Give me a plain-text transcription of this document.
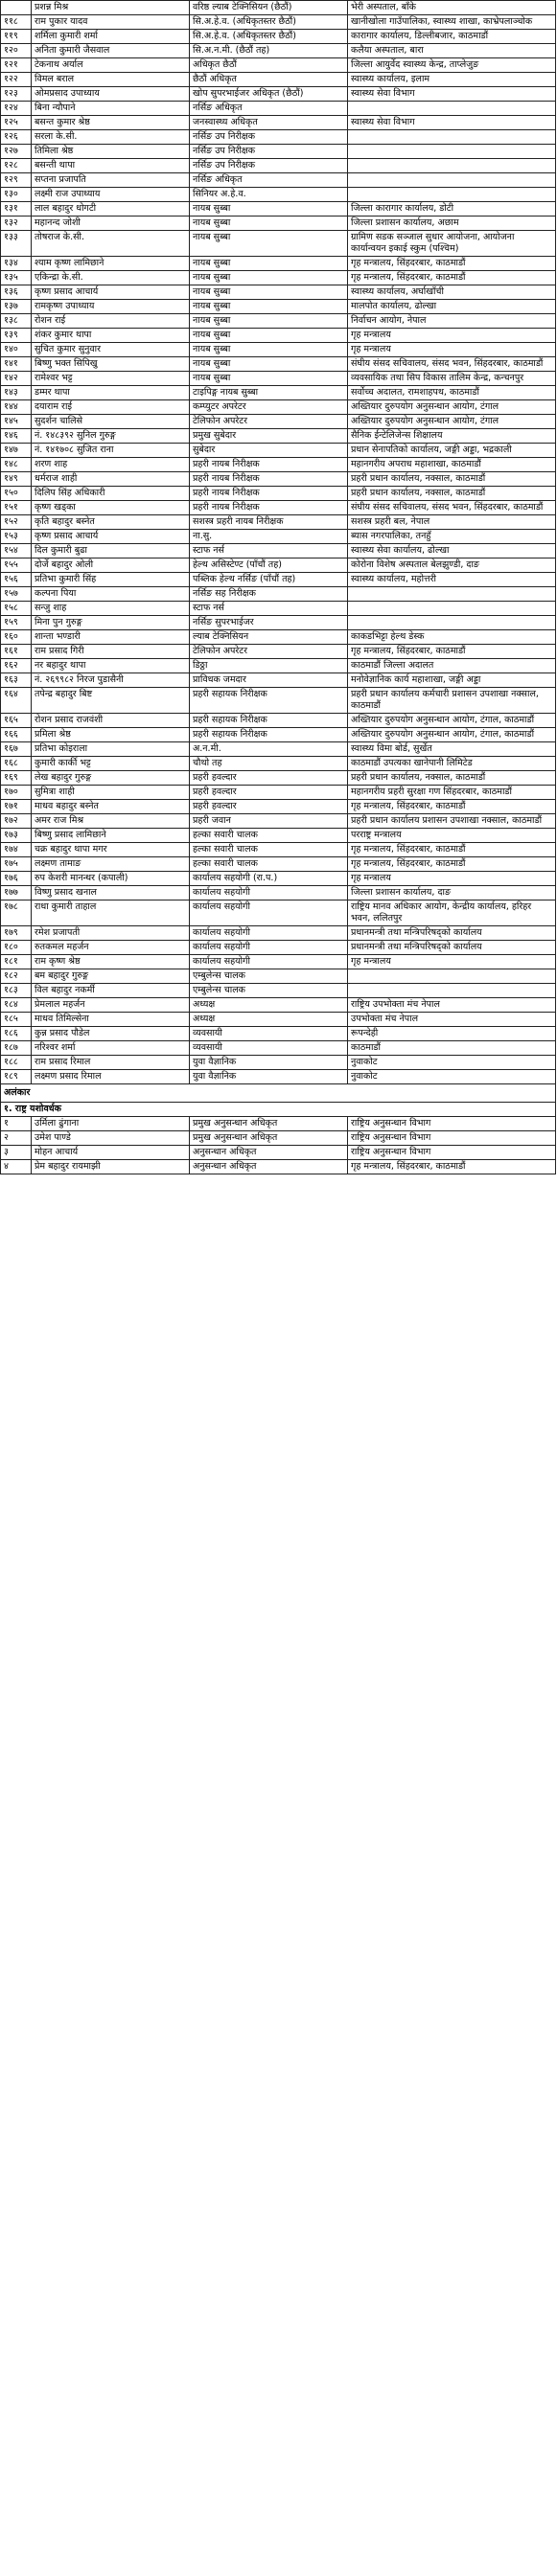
	प्रशन्न मिश्र	वरिष्ठ ल्याब टेक्निसियन (छैठौं)	भेरी अस्पताल, बाँके
११८	राम पुकार यादव	सि.अ.हे.व. (अधिकृतस्तर छैठौं)	खानीखोला गाउँपालिका, स्वास्थ्य शाखा, काभ्रेपलाञ्चोक
११९	शर्मिला कुमारी शर्मा	सि.अ.हे.व. (अधिकृतस्तर छैठौं)	कारागार कार्यालय, डिल्लीबजार, काठमाडौं
१२०	अनिता कुमारी जैसवाल	सि.अ.न.मी. (छैठौं तह)	कलैया अस्पताल, बारा
१२१	टेकनाथ अर्याल	अधिकृत छैठौं	जिल्ला आयुर्वेद स्वास्थ्य केन्द्र, ताप्लेजुङ
१२२	विमल बराल	छैठौं अधिकृत	स्वास्थ्य कार्यालय, इलाम
१२३	ओमप्रसाद उपाध्याय	खोप सुपरभाईजर अधिकृत (छैठौं)	स्वास्थ्य सेवा विभाग
१२४	बिना न्यौपाने	नर्सिङ अधिकृत	
१२५	बसन्त कुमार श्रेष्ठ	जनस्वास्थ्य अधिकृत	स्वास्थ्य सेवा विभाग
१२६	सरला के.सी.	नर्सिङ उप निरीक्षक	
१२७	तिमिला श्रेष्ठ	नर्सिङ उप निरीक्षक	
१२८	बसन्ती थापा	नर्सिङ उप निरीक्षक	
१२९	सप्तना प्रजापति	नर्सिङ अधिकृत	
१३०	लक्ष्मी राज उपाध्याय	सिनियर अ.हे.व.	
१३१	लाल बहादुर धोगटी	नायब सुब्बा	जिल्ला कारागार कार्यालय, डोटी
१३२	महानन्द जोशी	नायब सुब्बा	जिल्ला प्रशासन कार्यालय, अछाम
१३३	तोषराज के.सी.	नायब सुब्बा	ग्रामिण सडक सञ्जाल सुधार आयोजना, आयोजना कार्यान्वयन इकाई स्कुम (पश्चिम)
१३४	श्याम कृष्ण लामिछाने	नायब सुब्बा	गृह मन्त्रालय, सिंहदरबार, काठमाडौं
१३५	एकिन्द्रा के.सी.	नायब सुब्बा	गृह मन्त्रालय, सिंहदरबार, काठमाडौं
१३६	कृष्ण प्रसाद आचार्य	नायब सुब्बा	स्वास्थ्य कार्यालय, अर्घाखाँची
१३७	रामकृष्ण उपाध्याय	नायब सुब्बा	मालपोत कार्यालय, ढोल्खा
१३८	रोशन राई	नायब सुब्बा	निर्वाचन आयोग, नेपाल
१३९	शंकर कुमार थापा	नायब सुब्बा	गृह मन्त्रालय
१४०	सुचित कुमार सुनुवार	नायब सुब्बा	गृह मन्त्रालय
१४१	बिष्णु भक्त सिपिखु	नायब सुब्बा	संघीय संसद सचिवालय, संसद भवन, सिंहदरबार, काठमाडौं
१४२	रामेश्वर भट्ट	नायब सुब्बा	व्यवसायिक तथा सिप विकास तालिम केन्द्र, कन्चनपुर
१४३	डम्मर थापा	टाइपिङ्ग नायब सुब्बा	सर्वोच्च अदालत, रामशाहपथ, काठमाडौं
१४४	दयाराम राई	कम्प्युटर अपरेटर	अख्तियार दुरुपयोग अनुसन्धान आयोग, टंगाल
१४५	सुदर्शन चालिसे	टेलिफोन अपरेटर	अख्तियार दुरुपयोग अनुसन्धान आयोग, टंगाल
१४६	नं. १४८३९२ सुनिल गुरुङ्ग	प्रमुख सुबेदार	सैनिक ईन्टेलिजेन्स शिक्षालय
१४७	नं. १४१७०८ सुजित राना	सुबेदार	प्रधान सेनापतिको कार्यालय, जङ्गी अड्डा, भद्रकाली
१४८	शरण शाह	प्रहरी नायब निरीक्षक	महानगरीय अपराध महाशाखा, काठमाडौं
१४९	धर्मराज शाही	प्रहरी नायब निरीक्षक	प्रहरी प्रधान कार्यालय, नक्साल, काठमाडौं
१५०	दिलिप सिंह अधिकारी	प्रहरी नायब निरीक्षक	प्रहरी प्रधान कार्यालय, नक्साल, काठमाडौं
१५१	कृष्ण खड्का	प्रहरी नायब निरीक्षक	संघीय संसद सचिवालय, संसद भवन, सिंहदरबार, काठमाडौं
१५२	कृति बहादुर बस्नेत	सशस्त्र प्रहरी नायब निरीक्षक	सशस्त्र प्रहरी बल, नेपाल
१५३	कृष्ण प्रसाद आचार्य	ना.सु.	ब्यास नगरपालिका, तनहुँ
१५४	दिल कुमारी बुढा	स्टाफ नर्स	स्वास्थ्य सेवा कार्यालय, ढोल्खा
१५५	दोर्जे बहादुर ओली	हेल्थ असिस्टेण्ट (पाँचौं तह)	कोरोना विशेष अस्पताल बेलझुण्डी, दाङ
१५६	प्रतिभा कुमारी सिंह	पब्लिक हेल्थ नर्सिङ (पाँचौं तह)	स्वास्थ्य कार्यालय, महोत्तरी
१५७	कल्पना पिया	नर्सिङ सह निरीक्षक	
१५८	सन्जु शाह	स्टाफ नर्स	
१५९	मिना पुन गुरुङ्ग	नर्सिङ सुपरभाईजर	
१६०	शान्ता भण्डारी	ल्याब टेक्निसियन	काकडभिट्टा हेल्थ डेस्क
१६१	राम प्रसाद गिरी	टेलिफोन अपरेटर	गृह मन्त्रालय, सिंहदरबार, काठमाडौं
१६२	नर बहादुर थापा	डिठ्ठा	काठमाडौं जिल्ला अदालत
१६३	नं. २६९९८२ निरज पुडासैनी	प्राविधक जमदार	मनोवेज्ञानिक कार्य महाशाखा, जङ्गी अड्डा
१६४	तपेन्द्र बहादुर बिष्ट	प्रहरी सहायक निरीक्षक	प्रहरी प्रधान कार्यालय कर्मचारी प्रशासन उपशाखा नक्साल, काठमाडौं
१६५	रोशन प्रसाद राजवंशी	प्रहरी सहायक निरीक्षक	अख्तियार दुरुपयोग अनुसन्धान आयोग, टंगाल, काठमाडौं
१६६	प्रमिला श्रेष्ठ	प्रहरी सहायक निरीक्षक	अख्तियार दुरुपयोग अनुसन्धान आयोग, टंगाल, काठमाडौं
१६७	प्रतिभा कोइराला	अ.न.मी.	स्वास्थ्य विमा बोर्ड, सुर्खेत
१६८	कुमारी कार्की भट्ट	चौथो तह	काठमाडौं उपत्यका खानेपानी लिमिटेड
१६९	लेख बहादुर गुरुङ्ग	प्रहरी हवल्दार	प्रहरी प्रधान कार्यालय, नक्साल, काठमाडौं
१७०	सुमित्रा शाही	प्रहरी हवल्दार	महानगरीय प्रहरी सुरक्षा गण सिंहदरबार, काठमाडौं
१७१	माधव बहादुर बस्नेत	प्रहरी हवल्दार	गृह मन्त्रालय, सिंहदरबार, काठमाडौं
१७२	अमर राज मिश्र	प्रहरी जवान	प्रहरी प्रधान कार्यालय प्रशासन उपशाखा नक्साल, काठमाडौं
१७३	बिष्णु प्रसाद लामिछाने	हल्का सवारी चालक	परराष्ट्र मन्त्रालय
१७४	चक्र बहादुर थापा मगर	हल्का सवारी चालक	गृह मन्त्रालय, सिंहदरबार, काठमाडौं
१७५	लक्ष्मण तामाङ	हल्का सवारी चालक	गृह मन्त्रालय, सिंहदरबार, काठमाडौं
१७६	रुप केशरी मानन्धर (कपाली)	कार्यालय सहयोगी (रा.प.)	गृह मन्त्रालय
१७७	विष्णु प्रसाद खनाल	कार्यालय सहयोगी	जिल्ला प्रशासन कार्यालय, दाङ
१७८	राधा कुमारी ताहाल	कार्यालय सहयोगी	राष्ट्रिय मानव अधिकार आयोग, केन्द्रीय कार्यालय, हरिहर भवन, ललितपुर
१७९	रमेश प्रजापती	कार्यालय सहयोगी	प्रधानमन्त्री तथा मन्त्रिपरिषद्को कार्यालय
१८०	रुतकमल महर्जन	कार्यालय सहयोगी	प्रधानमन्त्री तथा मन्त्रिपरिषद्को कार्यालय
१८१	राम कृष्ण श्रेष्ठ	कार्यालय सहयोगी	गृह मन्त्रालय
१८२	बम बहादुर गुरुङ्ग	एम्बुलेन्स चालक	
१८३	विल बहादुर नकर्मी	एम्बुलेन्स चालक	
१८४	प्रेमलाल महर्जन	अध्यक्ष	राष्ट्रिय उपभोक्ता मंच नेपाल
१८५	माधव तिमिल्सेना	अध्यक्ष	उपभोक्ता मंच नेपाल
१८६	कुन्न प्रसाद पौडेल	व्यवसायी	रूपन्देही
१८७	नरिश्वर शर्मा	व्यवसायी	काठमाडौं
१८८	राम प्रसाद रिमाल	युवा वैज्ञानिक	नुवाकोट
१८९	लक्ष्मण प्रसाद रिमाल	युवा वैज्ञानिक	नुवाकोट
अलंकार			
१. राष्ट्र यशोवर्धक			
१	उर्मिला ढुंगाना	प्रमुख अनुसन्धान अधिकृत	राष्ट्रिय अनुसन्धान विभाग
२	उमेश पाण्डे	प्रमुख अनुसन्धान अधिकृत	राष्ट्रिय अनुसन्धान विभाग
३	मोहन आचार्य	अनुसन्धान अधिकृत	राष्ट्रिय अनुसन्धान विभाग
४	प्रेम बहादुर रायमाझी	अनुसन्धान अधिकृत	गृह मन्त्रालय, सिंहदरबार, काठमाडौं
